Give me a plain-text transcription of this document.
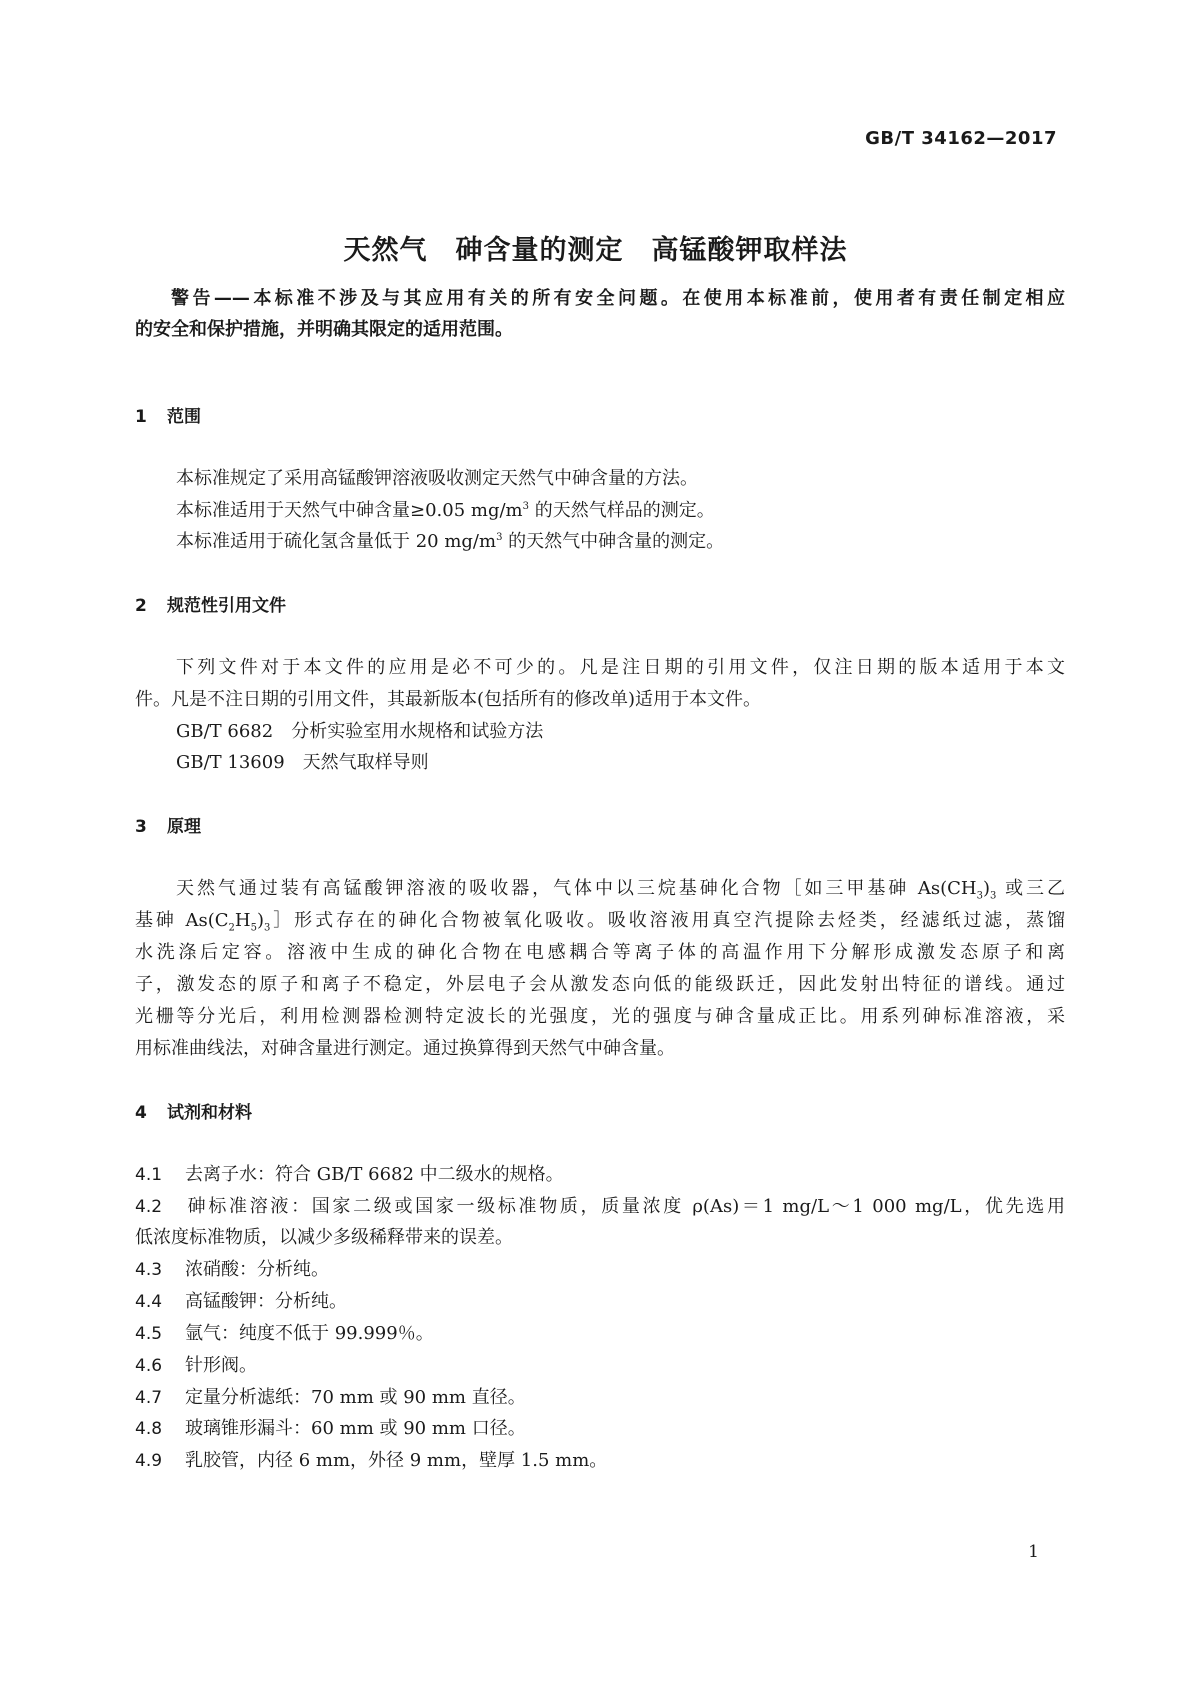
GB/T 34162—2017
天然气　砷含量的测定　高锰酸钾取样法
警告——本标准不涉及与其应用有关的所有安全问题。在使用本标准前，使用者有责任制定相应
的安全和保护措施，并明确其限定的适用范围。
1 范围
本标准规定了采用高锰酸钾溶液吸收测定天然气中砷含量的方法。
本标准适用于天然气中砷含量≥0.05 $mg/m^3$ 的天然气样品的测定。
本标准适用于硫化氢含量低于 20 $mg/m^3$ 的天然气中砷含量的测定。
2 规范性引用文件
下列文件对于本文件的应用是必不可少的。凡是注日期的引用文件，仅注日期的版本适用于本文
件。凡是不注日期的引用文件，其最新版本(包括所有的修改单)适用于本文件。
GB/T 6682　分析实验室用水规格和试验方法
GB/T 13609　天然气取样导则
3 原理
天然气通过装有高锰酸钾溶液的吸收器，气体中以三烷基砷化合物［如三甲基砷 $As(CH_3)_3$ 或三乙
基砷 $As(C_2H_5)_3]$形式存在的砷化合物被氧化吸收。吸收溶液用真空汽提除去烃类，经滤纸过滤，蒸馏
水洗涤后定容。溶液中生成的砷化合物在电感耦合等离子体的高温作用下分解形成激发态原子和离
子，激发态的原子和离子不稳定，外层电子会从激发态向低的能级跃迁，因此发射出特征的谱线。通过
光栅等分光后，利用检测器检测特定波长的光强度，光的强度与砷含量成正比。用系列砷标准溶液，采
用标准曲线法，对砷含量进行测定。通过换算得到天然气中砷含量。
4 试剂和材料
4.1 去离子水：符合 GB/T 6682 中二级水的规格。
4.2 砷标准溶液：国家二级或国家一级标准物质，质量浓度 ρ(As)＝1 mg/L～1 000 mg/L，优先选用
低浓度标准物质，以减少多级稀释带来的误差。
4.3 浓硝酸：分析纯。
4.4 高锰酸钾：分析纯。
4.5 氩气：纯度不低于 99.999％。
4.6 针形阀。
4.7 定量分析滤纸：70 mm 或 90 mm 直径。
4.8 玻璃锥形漏斗：60 mm 或 90 mm 口径。
4.9 乳胶管，内径 6 mm，外径 9 mm，壁厚 1.5 mm。
1
